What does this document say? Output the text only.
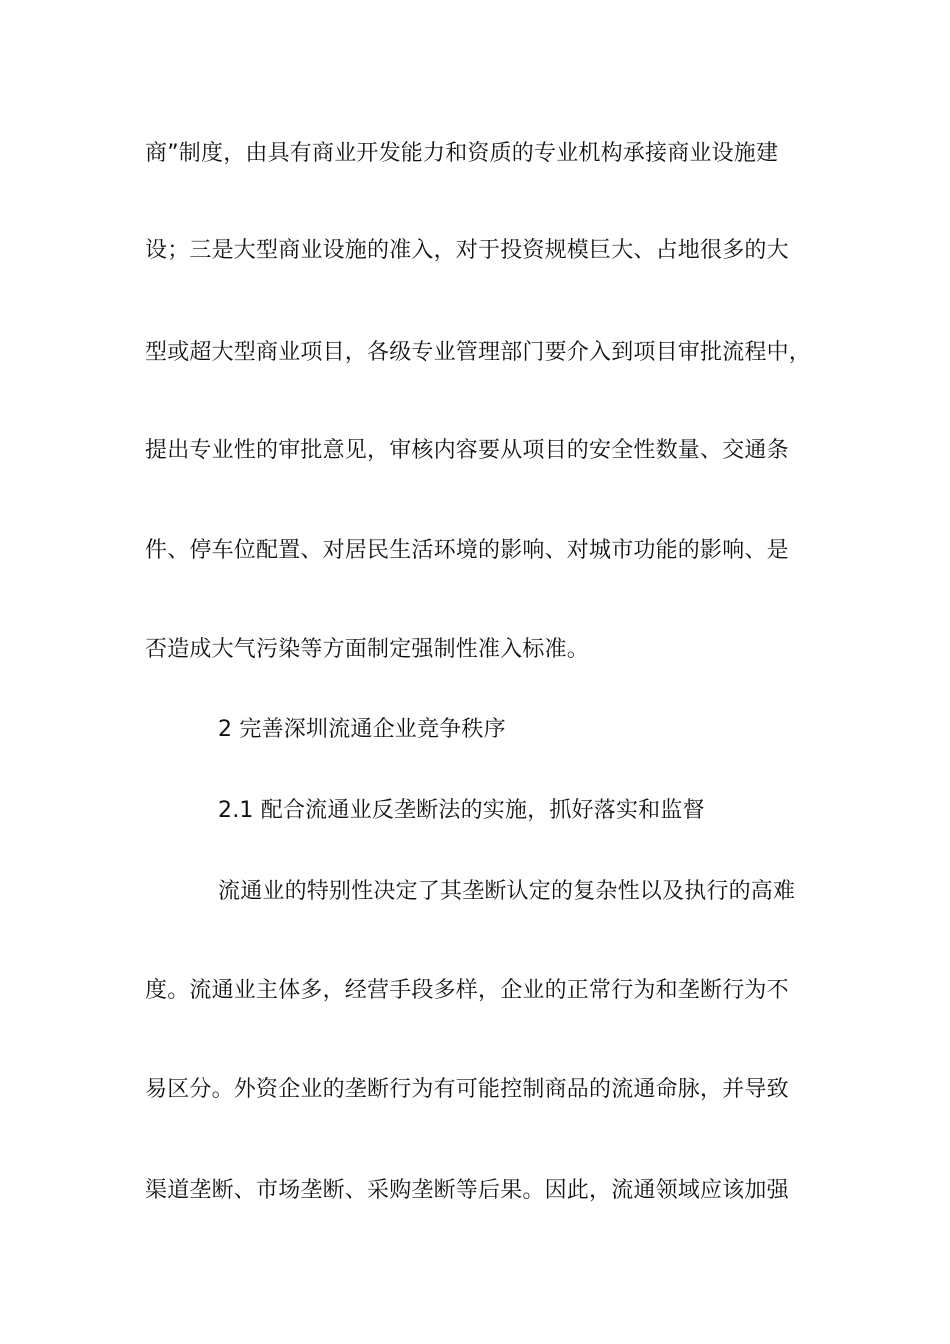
商”制度，由具有商业开发能力和资质的专业机构承接商业设施建
设；三是大型商业设施的准入，对于投资规模巨大、占地很多的大
型或超大型商业项目，各级专业管理部门要介入到项目审批流程中，
提出专业性的审批意见，审核内容要从项目的安全性数量、交通条
件、停车位配置、对居民生活环境的影响、对城市功能的影响、是
否造成大气污染等方面制定强制性准入标准。
2 完善深圳流通企业竞争秩序
2.1 配合流通业反垄断法的实施，抓好落实和监督
流通业的特别性决定了其垄断认定的复杂性以及执行的高难
度。流通业主体多，经营手段多样，企业的正常行为和垄断行为不
易区分。外资企业的垄断行为有可能控制商品的流通命脉，并导致
渠道垄断、市场垄断、采购垄断等后果。因此，流通领域应该加强
